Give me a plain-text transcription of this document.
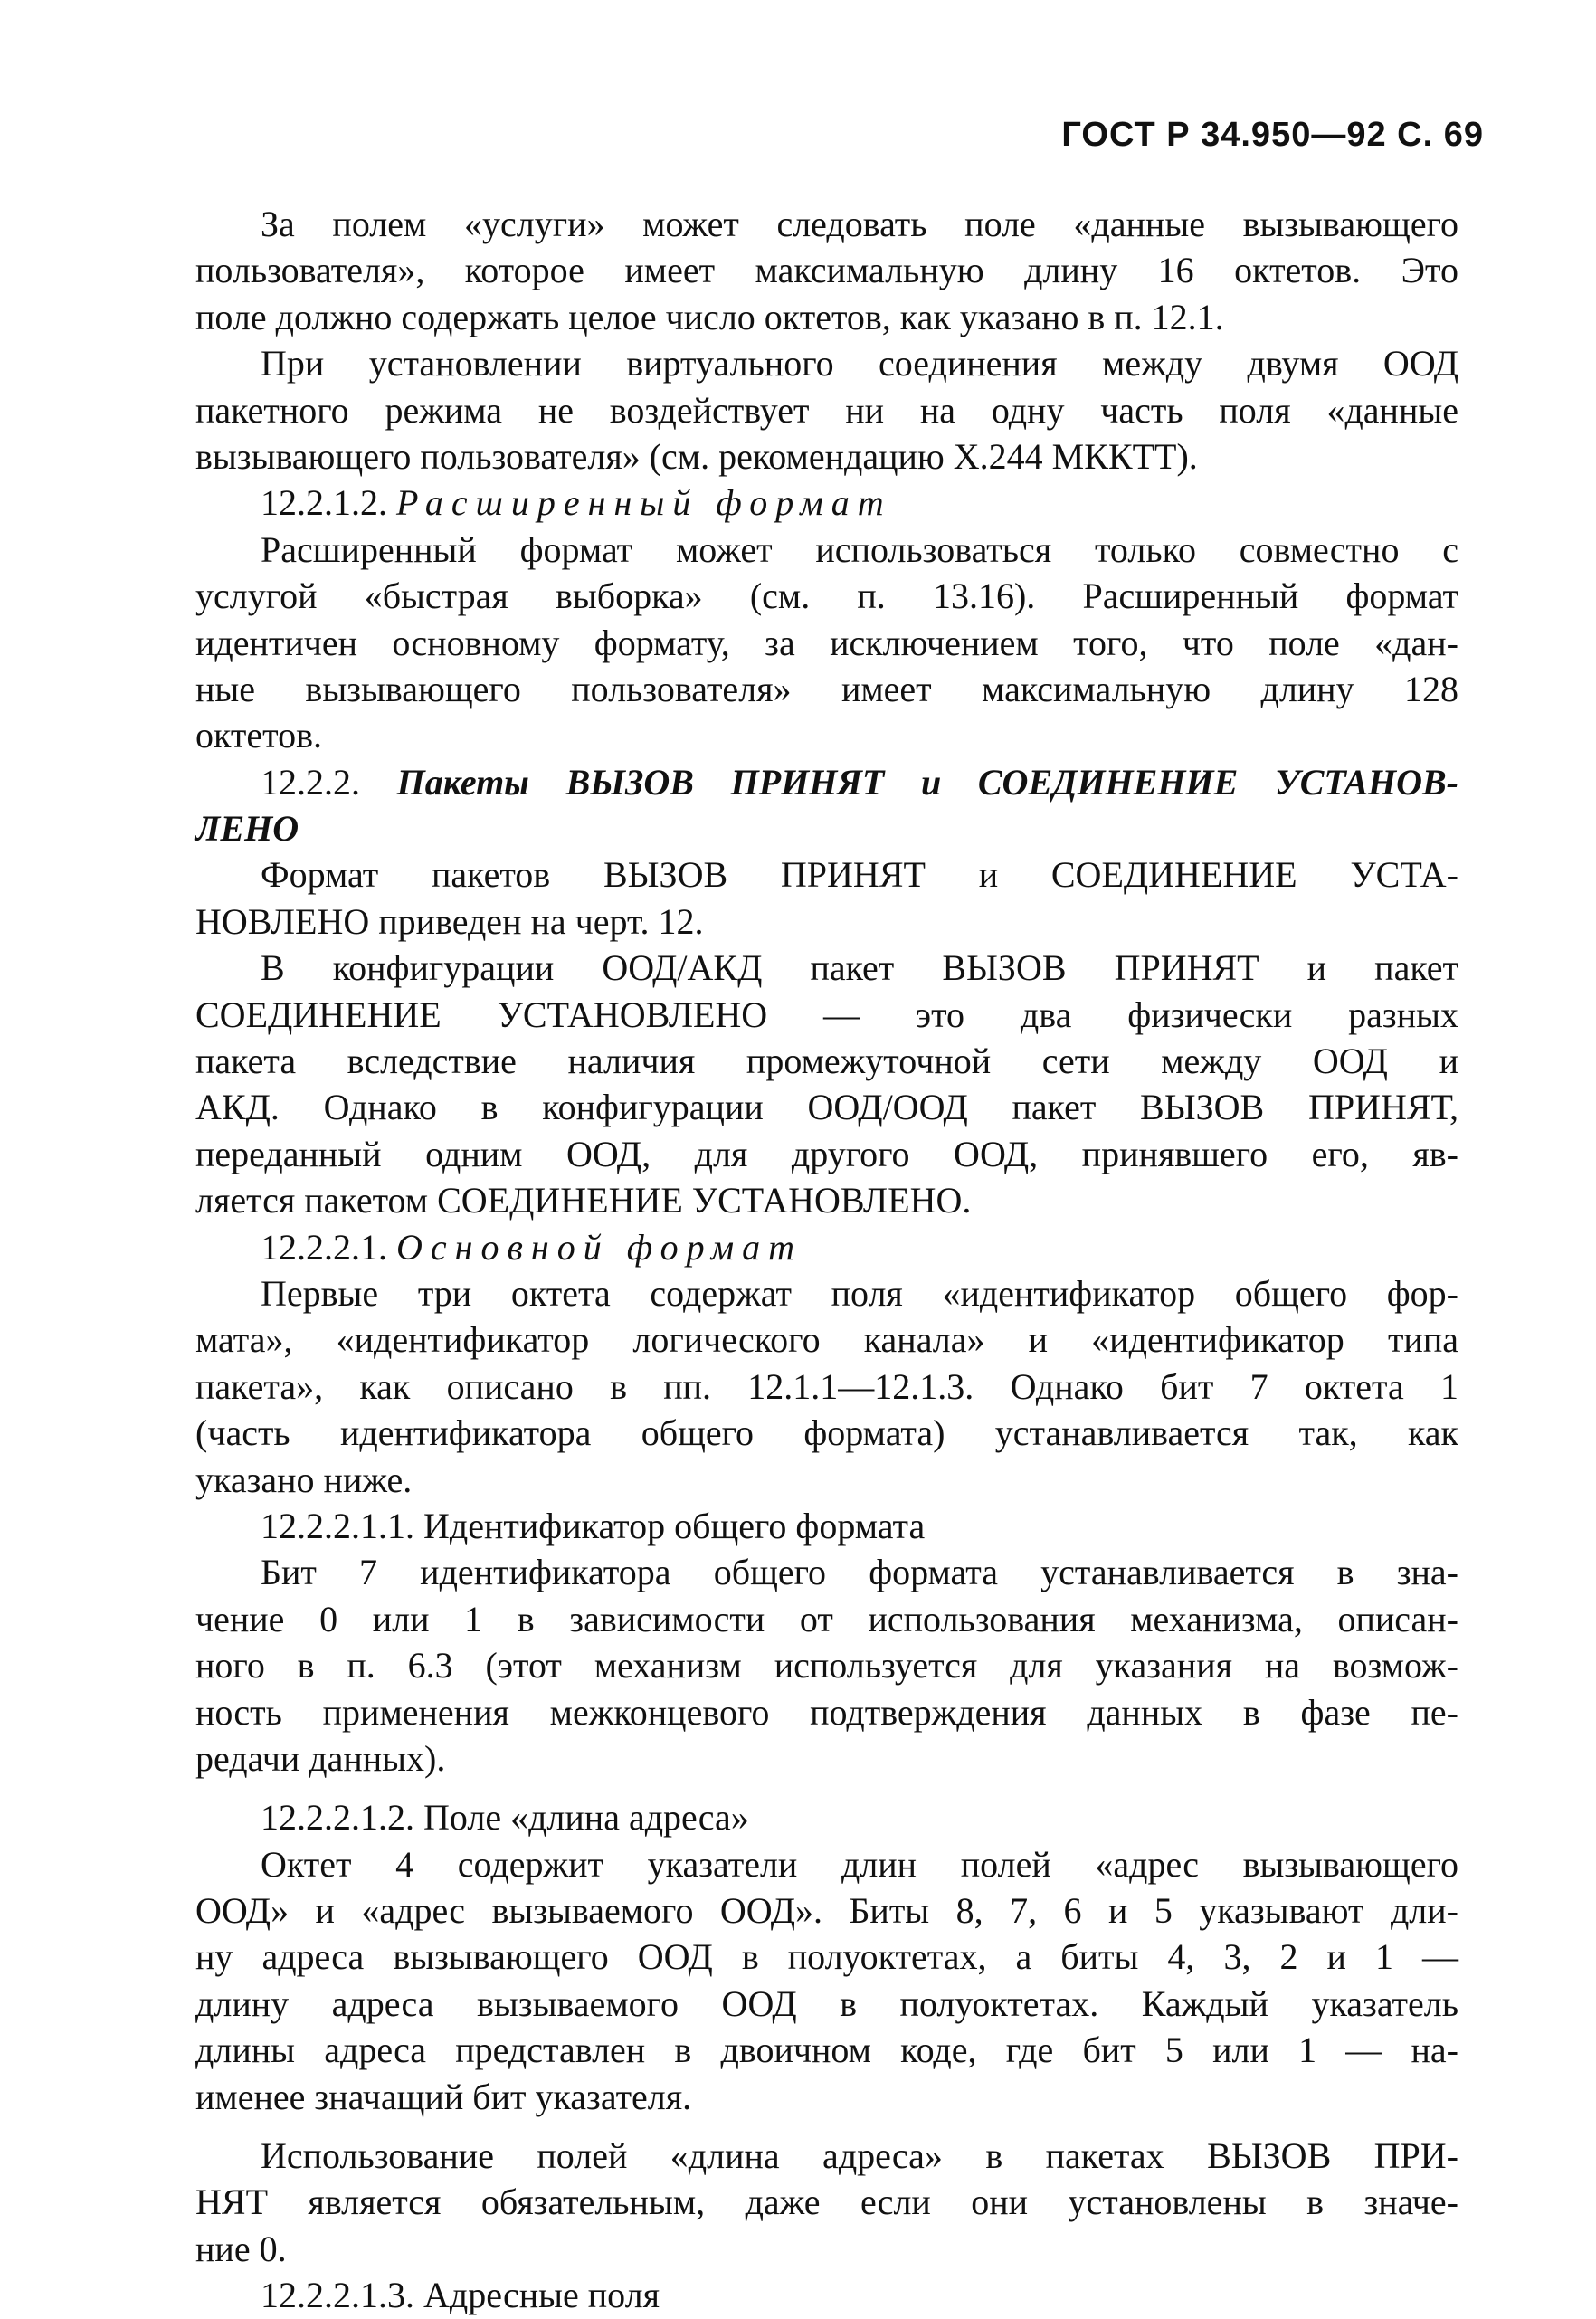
ГОСТ Р 34.950—92 С. 69
За полем «услуги» может следовать поле «данные вызывающего
пользователя», которое имеет максимальную длину 16 октетов. Это
поле должно содержать целое число октетов, как указано в п. 12.1.
При установлении виртуального соединения между двумя ООД
пакетного режима не воздействует ни на одну часть поля «данные
вызывающего пользователя» (см. рекомендацию X.244 МККТТ).
12.2.1.2. Расширенный формат
Расширенный формат может использоваться только совместно с
услугой «быстрая выборка» (см. п. 13.16). Расширенный формат
идентичен основному формату, за исключением того, что поле «дан-
ные вызывающего пользователя» имеет максимальную длину 128
октетов.
12.2.2. Пакеты ВЫЗОВ ПРИНЯТ и СОЕДИНЕНИЕ УСТАНОВ-
ЛЕНО
Формат пакетов ВЫЗОВ ПРИНЯТ и СОЕДИНЕНИЕ УСТА-
НОВЛЕНО приведен на черт. 12.
В конфигурации ООД/АКД пакет ВЫЗОВ ПРИНЯТ и пакет
СОЕДИНЕНИЕ УСТАНОВЛЕНО — это два физически разных
пакета вследствие наличия промежуточной сети между ООД и
АКД. Однако в конфигурации ООД/ООД пакет ВЫЗОВ ПРИНЯТ,
переданный одним ООД, для другого ООД, принявшего его, яв-
ляется пакетом СОЕДИНЕНИЕ УСТАНОВЛЕНО.
12.2.2.1. Основной формат
Первые три октета содержат поля «идентификатор общего фор-
мата», «идентификатор логического канала» и «идентификатор типа
пакета», как описано в пп. 12.1.1—12.1.3. Однако бит 7 октета 1
(часть идентификатора общего формата) устанавливается так, как
указано ниже.
12.2.2.1.1. Идентификатор общего формата
Бит 7 идентификатора общего формата устанавливается в зна-
чение 0 или 1 в зависимости от использования механизма, описан-
ного в п. 6.3 (этот механизм используется для указания на возмож-
ность применения межконцевого подтверждения данных в фазе пе-
редачи данных).
12.2.2.1.2. Поле «длина адреса»
Октет 4 содержит указатели длин полей «адрес вызывающего
ООД» и «адрес вызываемого ООД». Биты 8, 7, 6 и 5 указывают дли-
ну адреса вызывающего ООД в полуоктетах, а биты 4, 3, 2 и 1 —
длину адреса вызываемого ООД в полуоктетах. Каждый указатель
длины адреса представлен в двоичном коде, где бит 5 или 1 — на-
именее значащий бит указателя.
Использование полей «длина адреса» в пакетах ВЫЗОВ ПРИ-
НЯТ является обязательным, даже если они установлены в значе-
ние 0.
12.2.2.1.3. Адресные поля
